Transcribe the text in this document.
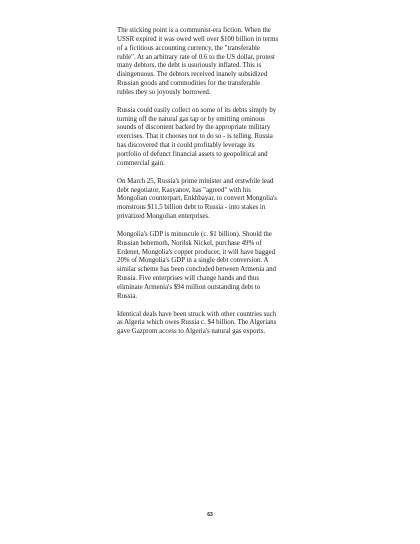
The sticking point is a communist-era fiction. When the
USSR expired it was owed well over $100 billion in terms
of a fictitious accounting currency, the "transferable
ruble". At an arbitrary rate of 0.6 to the US dollar, protest
many debtors, the debt is usuriously inflated. This is
disingenuous. The debtors received inanely subsidized
Russian goods and commodities for the transferable
rubles they so joyously borrowed.

Russia could easily collect on some of its debts simply by
turning off the natural gas tap or by emitting ominous
sounds of discontent backed by the appropriate military
exercises. That it chooses not to do so - is telling. Russia
has discovered that it could profitably leverage its
portfolio of defunct financial assets to geopolitical and
commercial gain.

On March 25, Russia's prime minister and erstwhile lead
debt negotiator, Kasyanov, has "agreed" with his
Mongolian counterpart, Enkhbayar, to convert Mongolia's
monstrous $11.5 billion debt to Russia - into stakes in
privatized Mongolian enterprises.

Mongolia's GDP is minuscule (c. $1 billion). Should the
Russian behemoth, Norilsk Nickel, purchase 49% of
Erdenet, Mongolia's copper producer, it will have bagged
20% of Mongolia's GDP in a single debt conversion. A
similar scheme has been concluded between Armenia and
Russia. Five enterprises will change hands and thus
eliminate Armenia's $94 million outstanding debt to
Russia.

Identical deals have been struck with other countries such
as Algeria which owes Russia c. $4 billion. The Algerians
gave Gazprom access to Algeria's natural gas exports.

63
